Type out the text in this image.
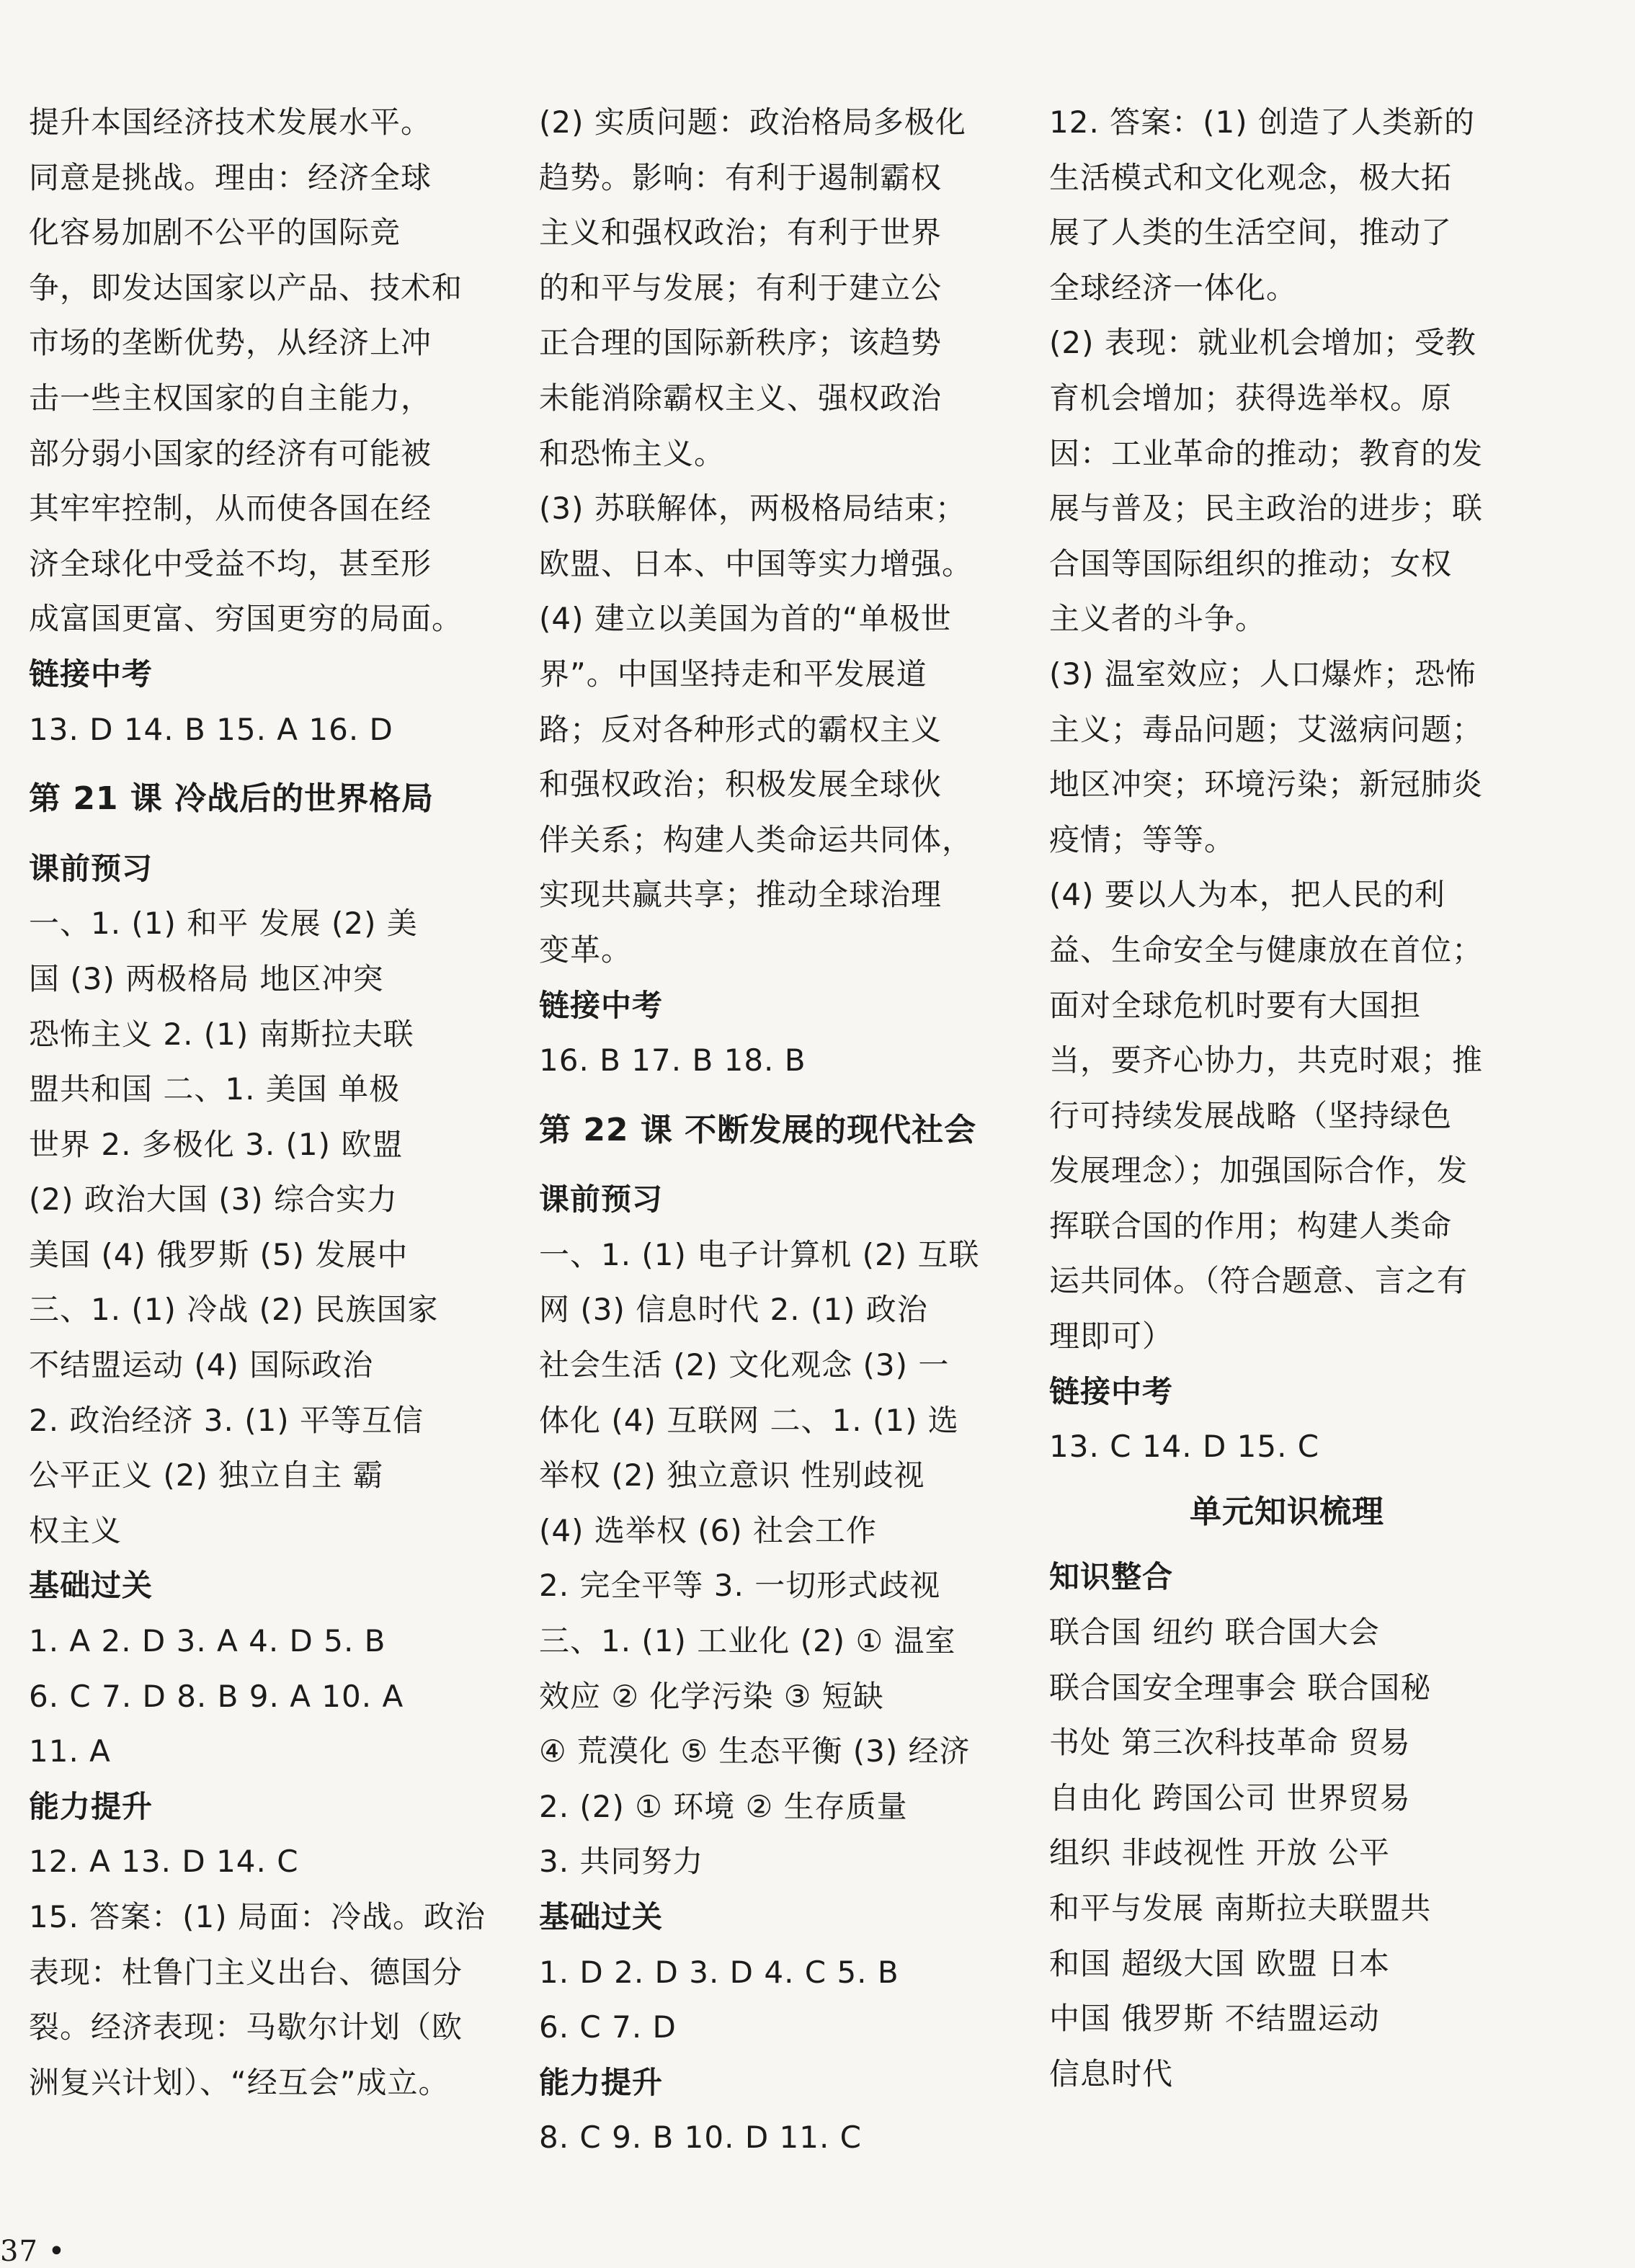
提升本国经济技术发展水平。

同意是挑战。理由：经济全球

化容易加剧不公平的国际竞

争，即发达国家以产品、技术和

市场的垄断优势，从经济上冲

击一些主权国家的自主能力，

部分弱小国家的经济有可能被

其牢牢控制，从而使各国在经

济全球化中受益不均，甚至形

成富国更富、穷国更穷的局面。

链接中考

13. D 14. B 15. A 16. D

第 21 课 冷战后的世界格局

课前预习

一、1. (1) 和平 发展 (2) 美

国 (3) 两极格局 地区冲突

恐怖主义 2. (1) 南斯拉夫联

盟共和国 二、1. 美国 单极

世界 2. 多极化 3. (1) 欧盟

(2) 政治大国 (3) 综合实力

美国 (4) 俄罗斯 (5) 发展中

三、1. (1) 冷战 (2) 民族国家

不结盟运动 (4) 国际政治

2. 政治经济 3. (1) 平等互信

公平正义 (2) 独立自主 霸

权主义

基础过关

1. A 2. D 3. A 4. D 5. B

6. C 7. D 8. B 9. A 10. A

11. A

能力提升

12. A 13. D 14. C

15. 答案：(1) 局面：冷战。政治

表现：杜鲁门主义出台、德国分

裂。经济表现：马歇尔计划（欧

洲复兴计划）、“经互会”成立。

(2) 实质问题：政治格局多极化

趋势。影响：有利于遏制霸权

主义和强权政治；有利于世界

的和平与发展；有利于建立公

正合理的国际新秩序；该趋势

未能消除霸权主义、强权政治

和恐怖主义。

(3) 苏联解体，两极格局结束；

欧盟、日本、中国等实力增强。

(4) 建立以美国为首的“单极世

界”。中国坚持走和平发展道

路；反对各种形式的霸权主义

和强权政治；积极发展全球伙

伴关系；构建人类命运共同体，

实现共赢共享；推动全球治理

变革。

链接中考

16. B 17. B 18. B

第 22 课 不断发展的现代社会

课前预习

一、1. (1) 电子计算机 (2) 互联

网 (3) 信息时代 2. (1) 政治

社会生活 (2) 文化观念 (3) 一

体化 (4) 互联网 二、1. (1) 选

举权 (2) 独立意识 性别歧视

(4) 选举权 (6) 社会工作

2. 完全平等 3. 一切形式歧视

三、1. (1) 工业化 (2) ① 温室

效应 ② 化学污染 ③ 短缺

④ 荒漠化 ⑤ 生态平衡 (3) 经济

2. (2) ① 环境 ② 生存质量

3. 共同努力

基础过关

1. D 2. D 3. D 4. C 5. B

6. C 7. D

能力提升

8. C 9. B 10. D 11. C

12. 答案：(1) 创造了人类新的

生活模式和文化观念，极大拓

展了人类的生活空间，推动了

全球经济一体化。

(2) 表现：就业机会增加；受教

育机会增加；获得选举权。原

因：工业革命的推动；教育的发

展与普及；民主政治的进步；联

合国等国际组织的推动；女权

主义者的斗争。

(3) 温室效应；人口爆炸；恐怖

主义；毒品问题；艾滋病问题；

地区冲突；环境污染；新冠肺炎

疫情；等等。

(4) 要以人为本，把人民的利

益、生命安全与健康放在首位；

面对全球危机时要有大国担

当，要齐心协力，共克时艰；推

行可持续发展战略（坚持绿色

发展理念）；加强国际合作，发

挥联合国的作用；构建人类命

运共同体。（符合题意、言之有

理即可）

链接中考

13. C 14. D 15. C

单元知识梳理

知识整合

联合国 纽约 联合国大会

联合国安全理事会 联合国秘

书处 第三次科技革命 贸易

自由化 跨国公司 世界贸易

组织 非歧视性 开放 公平

和平与发展 南斯拉夫联盟共

和国 超级大国 欧盟 日本

中国 俄罗斯 不结盟运动

信息时代

37 •
